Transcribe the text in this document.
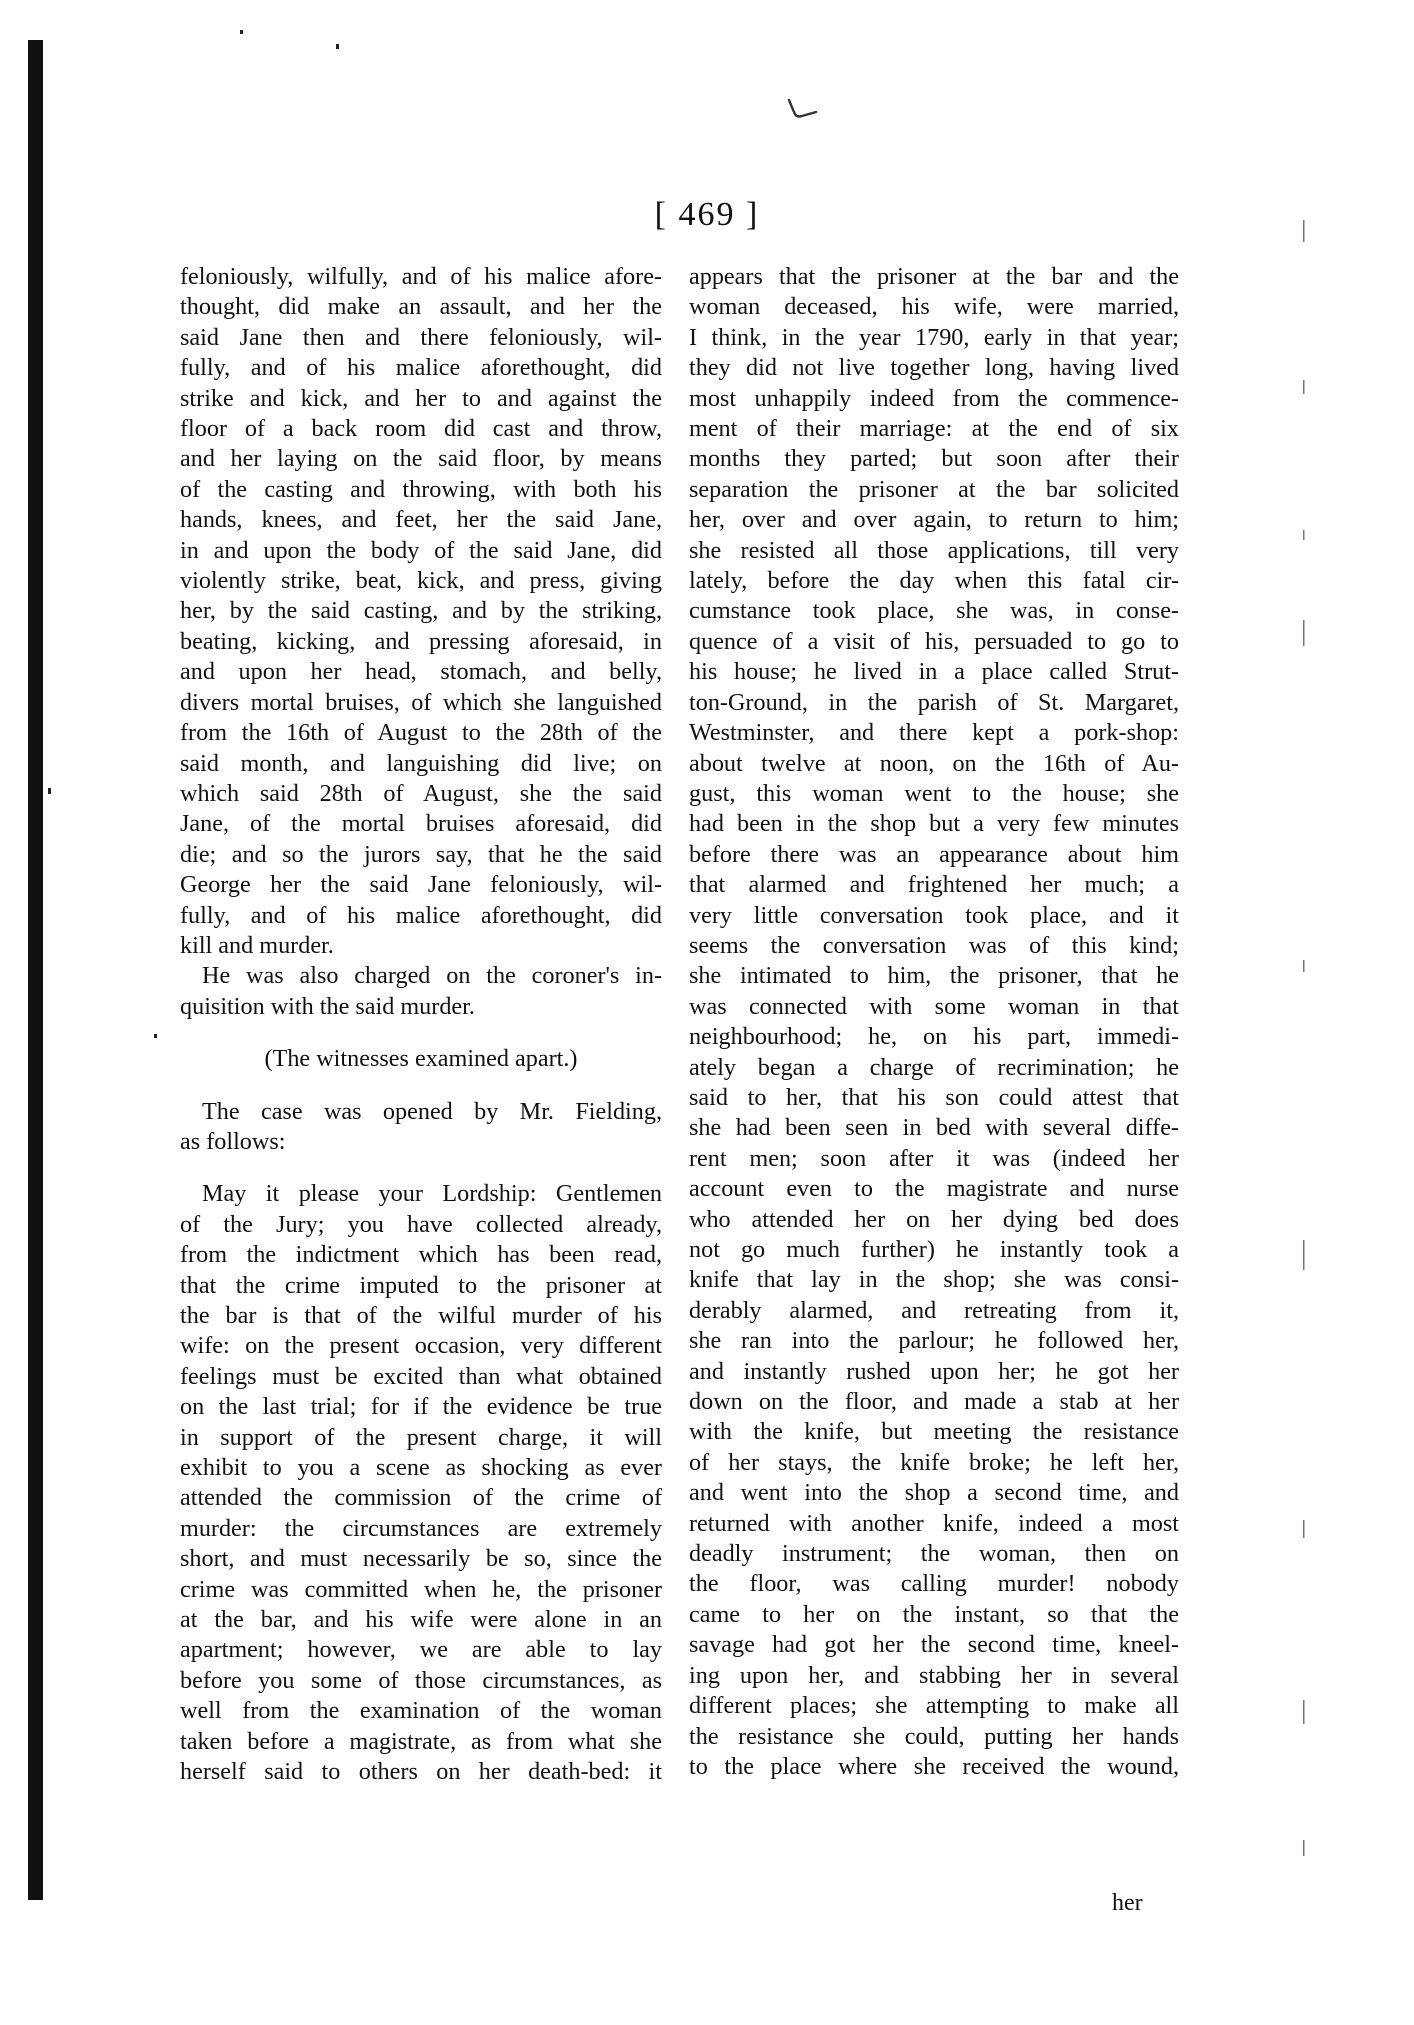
[ 469 ]
feloniously, wilfully, and of his malice afore-
thought, did make an assault, and her the
said Jane then and there feloniously, wil-
fully, and of his malice aforethought, did
strike and kick, and her to and against the
floor of a back room did cast and throw,
and her laying on the said floor, by means
of the casting and throwing, with both his
hands, knees, and feet, her the said Jane,
in and upon the body of the said Jane, did
violently strike, beat, kick, and press, giving
her, by the said casting, and by the striking,
beating, kicking, and pressing aforesaid, in
and upon her head, stomach, and belly,
divers mortal bruises, of which she languished
from the 16th of August to the 28th of the
said month, and languishing did live; on
which said 28th of August, she the said
Jane, of the mortal bruises aforesaid, did
die; and so the jurors say, that he the said
George her the said Jane feloniously, wil-
fully, and of his malice aforethought, did
kill and murder.
He was also charged on the coroner's in-
quisition with the said murder.
(The witnesses examined apart.)
The case was opened by Mr. Fielding,
as follows:
May it please your Lordship: Gentlemen
of the Jury; you have collected already,
from the indictment which has been read,
that the crime imputed to the prisoner at
the bar is that of the wilful murder of his
wife: on the present occasion, very different
feelings must be excited than what obtained
on the last trial; for if the evidence be true
in support of the present charge, it will
exhibit to you a scene as shocking as ever
attended the commission of the crime of
murder: the circumstances are extremely
short, and must necessarily be so, since the
crime was committed when he, the prisoner
at the bar, and his wife were alone in an
apartment; however, we are able to lay
before you some of those circumstances, as
well from the examination of the woman
taken before a magistrate, as from what she
herself said to others on her death-bed: it
appears that the prisoner at the bar and the
woman deceased, his wife, were married,
I think, in the year 1790, early in that year;
they did not live together long, having lived
most unhappily indeed from the commence-
ment of their marriage: at the end of six
months they parted; but soon after their
separation the prisoner at the bar solicited
her, over and over again, to return to him;
she resisted all those applications, till very
lately, before the day when this fatal cir-
cumstance took place, she was, in conse-
quence of a visit of his, persuaded to go to
his house; he lived in a place called Strut-
ton-Ground, in the parish of St. Margaret,
Westminster, and there kept a pork-shop:
about twelve at noon, on the 16th of Au-
gust, this woman went to the house; she
had been in the shop but a very few minutes
before there was an appearance about him
that alarmed and frightened her much; a
very little conversation took place, and it
seems the conversation was of this kind;
she intimated to him, the prisoner, that he
was connected with some woman in that
neighbourhood; he, on his part, immedi-
ately began a charge of recrimination; he
said to her, that his son could attest that
she had been seen in bed with several diffe-
rent men; soon after it was (indeed her
account even to the magistrate and nurse
who attended her on her dying bed does
not go much further) he instantly took a
knife that lay in the shop; she was consi-
derably alarmed, and retreating from it,
she ran into the parlour; he followed her,
and instantly rushed upon her; he got her
down on the floor, and made a stab at her
with the knife, but meeting the resistance
of her stays, the knife broke; he left her,
and went into the shop a second time, and
returned with another knife, indeed a most
deadly instrument; the woman, then on
the floor, was calling murder! nobody
came to her on the instant, so that the
savage had got her the second time, kneel-
ing upon her, and stabbing her in several
different places; she attempting to make all
the resistance she could, putting her hands
to the place where she received the wound,
her
